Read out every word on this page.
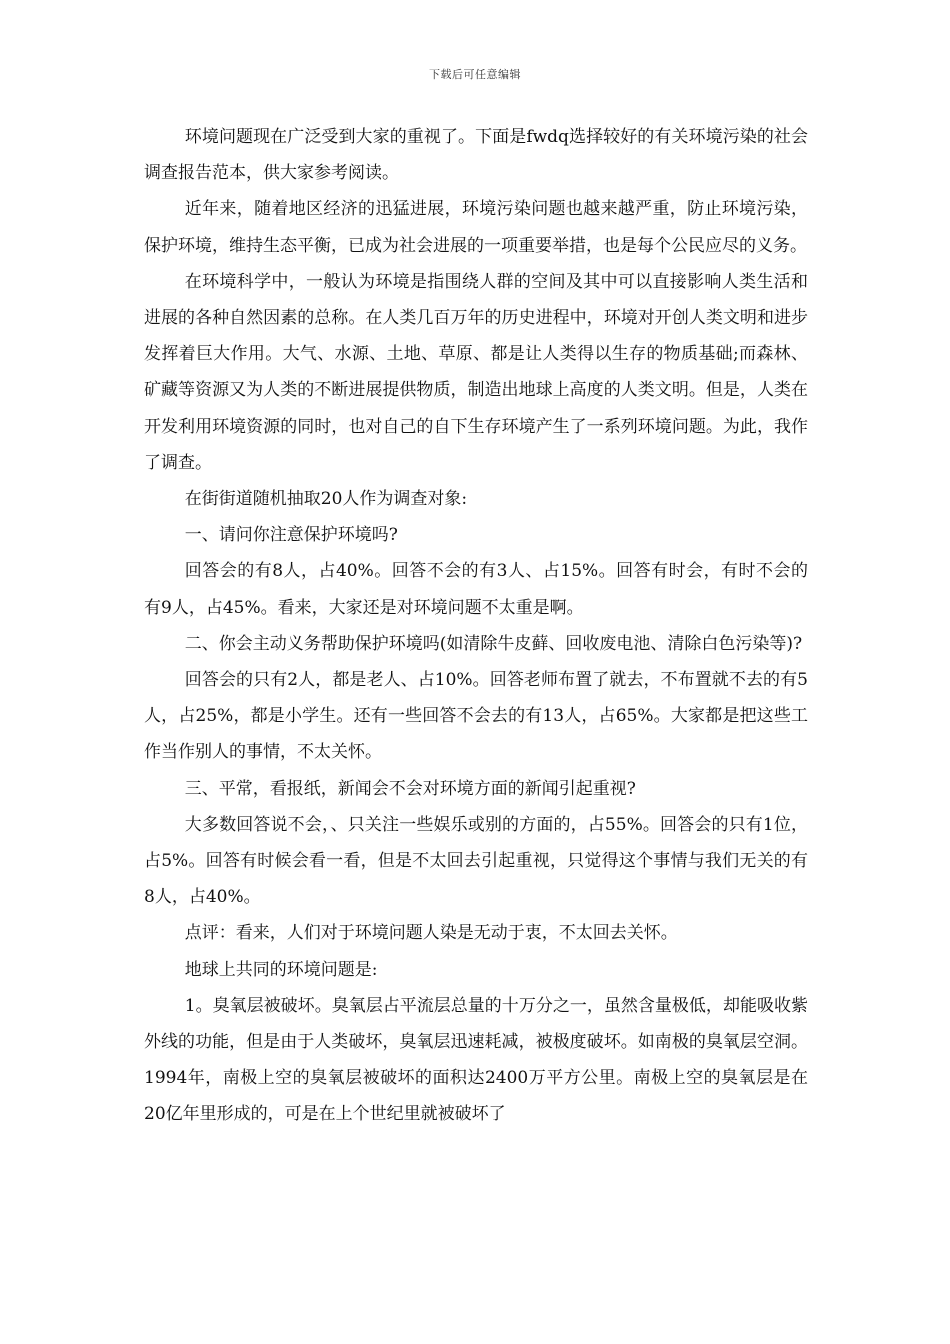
下载后可任意编辑

环境问题现在广泛受到大家的重视了。下面是fwdq选择较好的有关环境污染的社会调查报告范本，供大家参考阅读。

近年来，随着地区经济的迅猛进展，环境污染问题也越来越严重，防止环境污染，保护环境，维持生态平衡，已成为社会进展的一项重要举措，也是每个公民应尽的义务。

在环境科学中，一般认为环境是指围绕人群的空间及其中可以直接影响人类生活和进展的各种自然因素的总称。在人类几百万年的历史进程中，环境对开创人类文明和进步发挥着巨大作用。大气、水源、土地、草原、都是让人类得以生存的物质基础;而森林、矿藏等资源又为人类的不断进展提供物质，制造出地球上高度的人类文明。但是，人类在开发利用环境资源的同时，也对自己的自下生存环境产生了一系列环境问题。为此，我作了调查。

在街街道随机抽取20人作为调查对象:

一、请问你注意保护环境吗?

回答会的有8人，占40%。回答不会的有3人、占15%。回答有时会，有时不会的有9人，占45%。看来，大家还是对环境问题不太重是啊。

二、你会主动义务帮助保护环境吗(如清除牛皮藓、回收废电池、清除白色污染等)?

回答会的只有2人，都是老人、占10%。回答老师布置了就去，不布置就不去的有5人，占25%，都是小学生。还有一些回答不会去的有13人，占65%。大家都是把这些工作当作别人的事情，不太关怀。

三、平常，看报纸，新闻会不会对环境方面的新闻引起重视?

大多数回答说不会，、只关注一些娱乐或别的方面的，占55%。回答会的只有1位，占5%。回答有时候会看一看，但是不太回去引起重视，只觉得这个事情与我们无关的有8人，占40%。

点评：看来，人们对于环境问题人染是无动于衷，不太回去关怀。

地球上共同的环境问题是:

1。臭氧层被破坏。臭氧层占平流层总量的十万分之一，虽然含量极低，却能吸收紫外线的功能，但是由于人类破坏，臭氧层迅速耗减，被极度破坏。如南极的臭氧层空洞。1994年，南极上空的臭氧层被破坏的面积达2400万平方公里。南极上空的臭氧层是在20亿年里形成的，可是在上个世纪里就被破坏了
